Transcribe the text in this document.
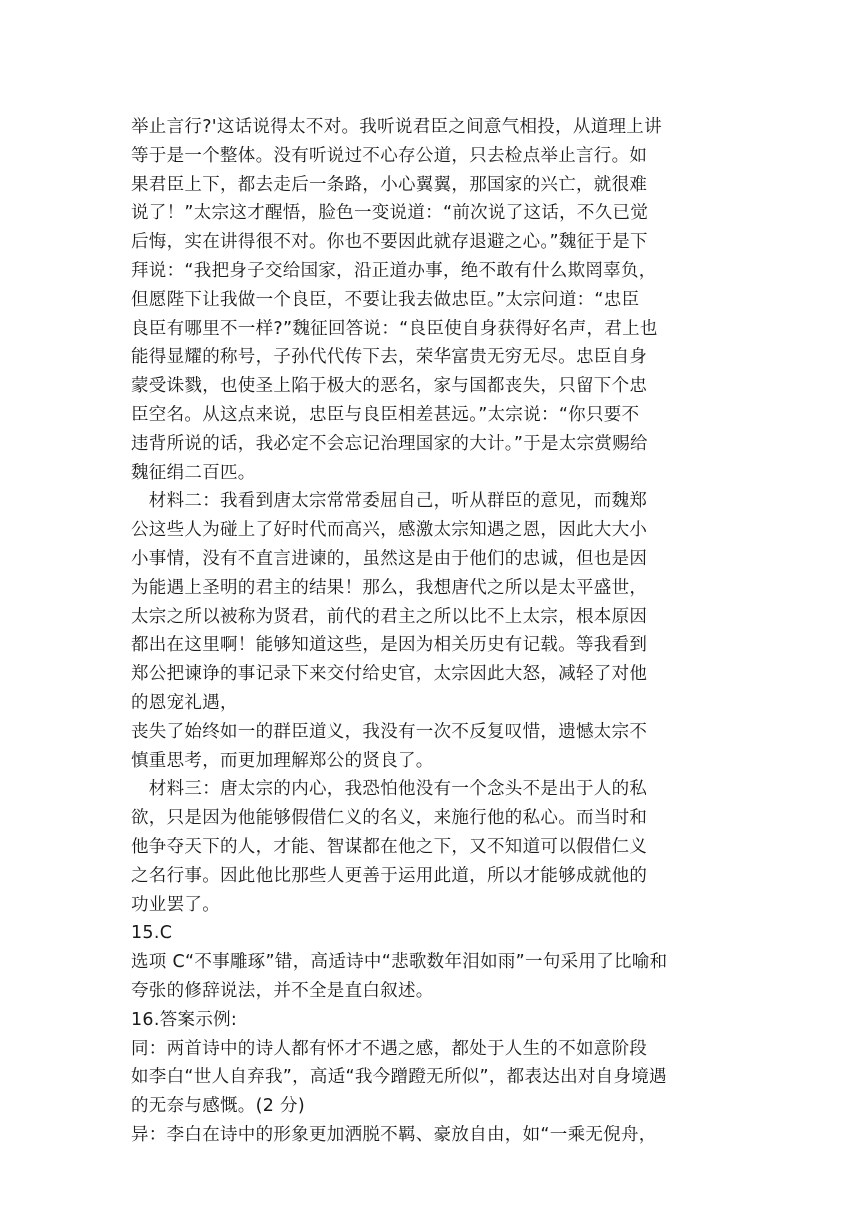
举止言行?'这话说得太不对。我听说君臣之间意气相投，从道理上讲
等于是一个整体。没有听说过不心存公道，只去检点举止言行。如
果君臣上下，都去走后一条路，小心翼翼，那国家的兴亡，就很难
说了！”太宗这才醒悟，脸色一变说道：“前次说了这话，不久已觉
后悔，实在讲得很不对。你也不要因此就存退避之心。”魏征于是下
拜说：“我把身子交给国家，沿正道办事，绝不敢有什么欺罔辜负，
但愿陛下让我做一个良臣，不要让我去做忠臣。”太宗问道：“忠臣
良臣有哪里不一样?”魏征回答说：“良臣使自身获得好名声，君上也
能得显耀的称号，子孙代代传下去，荣华富贵无穷无尽。忠臣自身
蒙受诛戮，也使圣上陷于极大的恶名，家与国都丧失，只留下个忠
臣空名。从这点来说，忠臣与良臣相差甚远。”太宗说：“你只要不
违背所说的话，我必定不会忘记治理国家的大计。”于是太宗赏赐给
魏征绢二百匹。
　材料二：我看到唐太宗常常委屈自己，听从群臣的意见，而魏郑
公这些人为碰上了好时代而高兴，感激太宗知遇之恩，因此大大小
小事情，没有不直言进谏的，虽然这是由于他们的忠诚，但也是因
为能遇上圣明的君主的结果！那么，我想唐代之所以是太平盛世，
太宗之所以被称为贤君，前代的君主之所以比不上太宗，根本原因
都出在这里啊！能够知道这些，是因为相关历史有记载。等我看到
郑公把谏诤的事记录下来交付给史官，太宗因此大怒，减轻了对他
的恩宠礼遇，
丧失了始终如一的群臣道义，我没有一次不反复叹惜，遗憾太宗不
慎重思考，而更加理解郑公的贤良了。
　材料三：唐太宗的内心，我恐怕他没有一个念头不是出于人的私
欲，只是因为他能够假借仁义的名义，来施行他的私心。而当时和
他争夺天下的人，才能、智谋都在他之下，又不知道可以假借仁义
之名行事。因此他比那些人更善于运用此道，所以才能够成就他的
功业罢了。
15.C
选项 C“不事雕琢”错，高适诗中“悲歌数年泪如雨”一句采用了比喻和
夸张的修辞说法，并不全是直白叙述。
16.答案示例:
同：两首诗中的诗人都有怀才不遇之感，都处于人生的不如意阶段
如李白“世人自弃我”，高适“我今蹭蹬无所似”，都表达出对自身境遇
的无奈与感慨。(2 分)
异：李白在诗中的形象更加洒脱不羁、豪放自由，如“一乘无倪舟，
